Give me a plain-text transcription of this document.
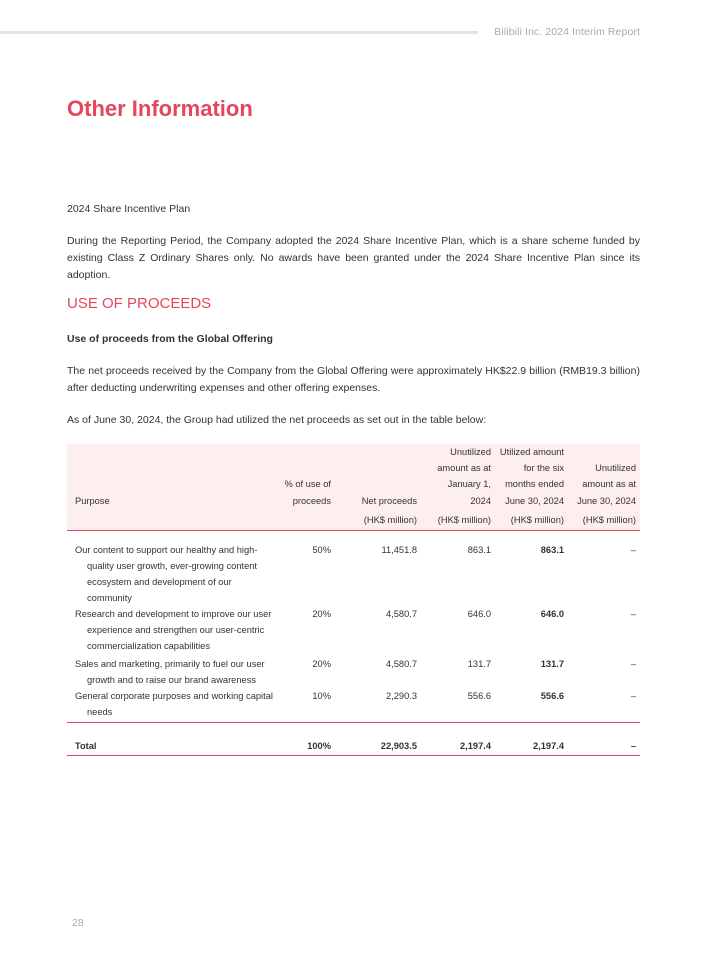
Bilibili Inc. 2024 Interim Report
Other Information
2024 Share Incentive Plan

During the Reporting Period, the Company adopted the 2024 Share Incentive Plan, which is a share scheme funded by existing Class Z Ordinary Shares only. No awards have been granted under the 2024 Share Incentive Plan since its adoption.

USE OF PROCEEDS
Use of proceeds from the Global Offering

The net proceeds received by the Company from the Global Offering were approximately HK$22.9 billion (RMB19.3 billion) after deducting underwriting expenses and other offering expenses.

As of June 30, 2024, the Group had utilized the net proceeds as set out in the table below:

Purpose	% of use of proceeds	Net proceeds	Unutilized amount as at January 1, 2024	Utilized amount for the six months ended June 30, 2024	Unutilized amount as at June 30, 2024
		(HK$ million)	(HK$ million)	(HK$ million)	(HK$ million)

Our content to support our healthy and high-quality user growth, ever-growing content ecosystem and development of our community	50%	11,451.8	863.1	863.1	–

Research and development to improve our user experience and strengthen our user-centric commercialization capabilities	20%	4,580.7	646.0	646.0	–

Sales and marketing, primarily to fuel our user growth and to raise our brand awareness	20%	4,580.7	131.7	131.7	–

General corporate purposes and working capital needs	10%	2,290.3	556.6	556.6	–

Total	100%	22,903.5	2,197.4	2,197.4	–
28
